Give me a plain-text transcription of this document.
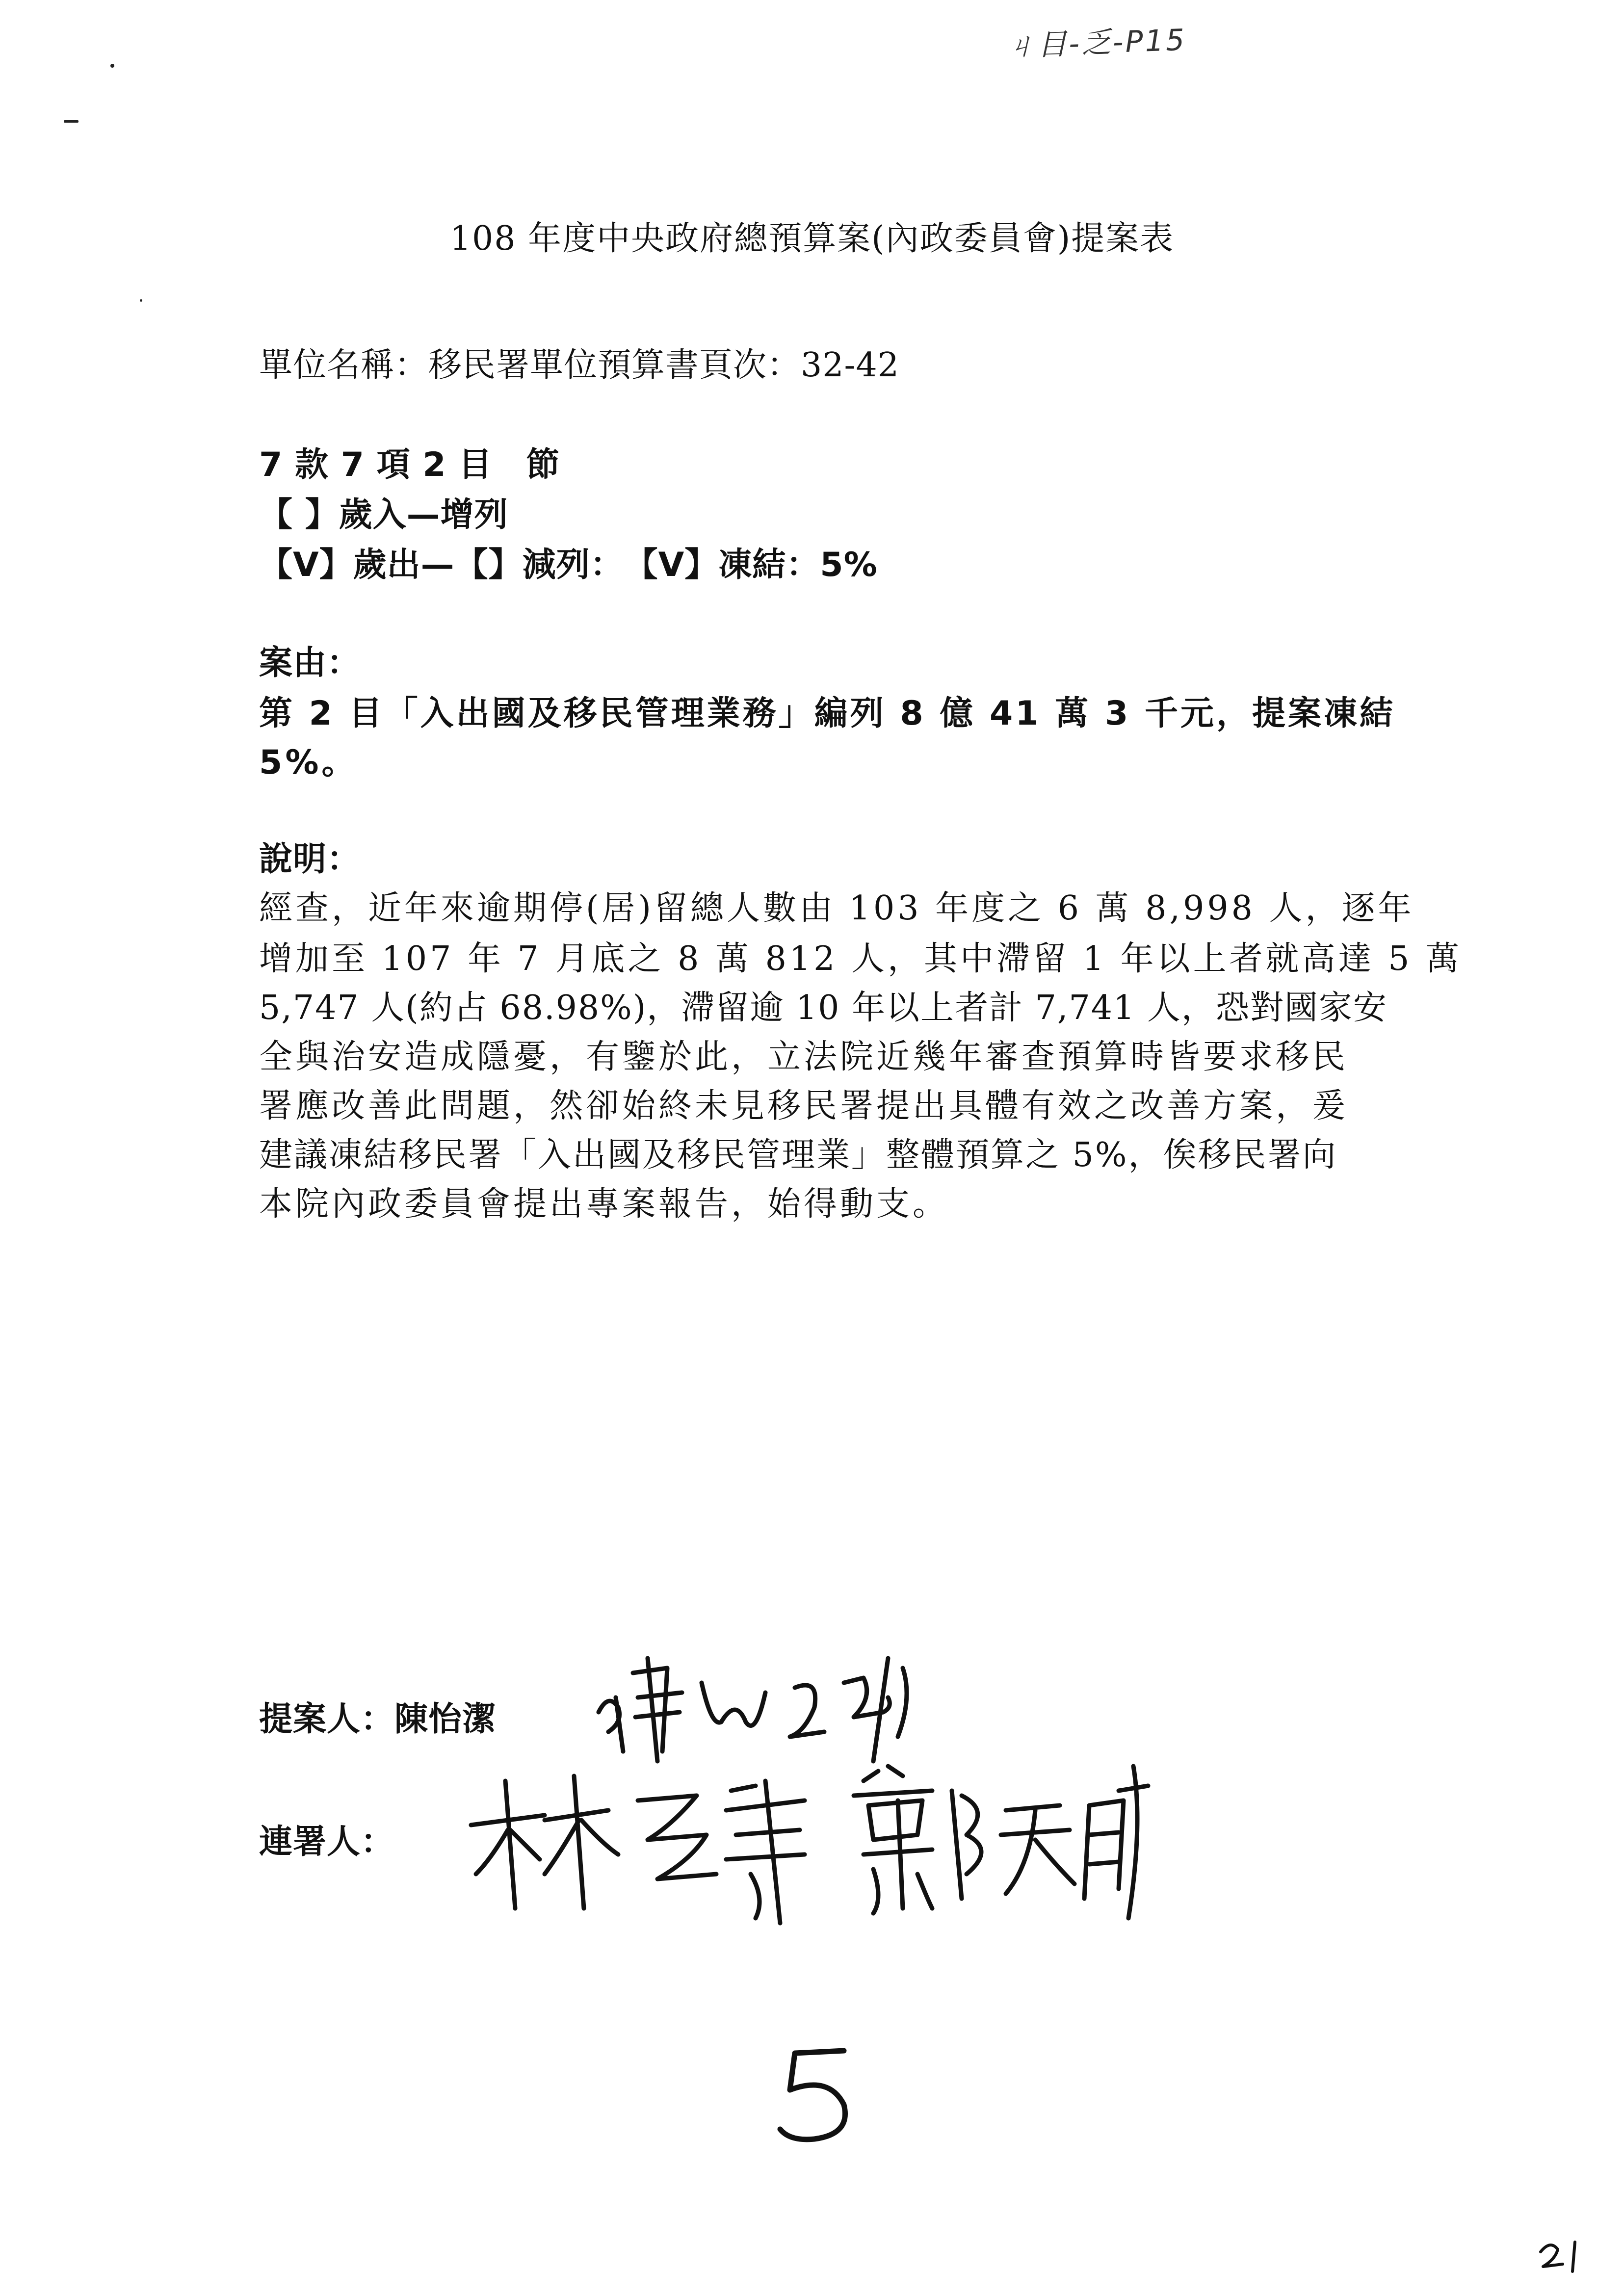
ㄐ目-乏-P15
108 年度中央政府總預算案(內政委員會)提案表
單位名稱：移民署單位預算書頁次：32-42
7 款 7 項 2 目　節
【 】歲入—增列
【V】歲出—【】減列：　【V】凍結：5%
案由：
第 2 目「入出國及移民管理業務」編列 8 億 41 萬 3 千元，提案凍結
5%。
說明：
經查，近年來逾期停(居)留總人數由 103 年度之 6 萬 8,998 人，逐年
增加至 107 年 7 月底之 8 萬 812 人，其中滯留 1 年以上者就高達 5 萬
5,747 人(約占 68.98%)，滯留逾 10 年以上者計 7,741 人，恐對國家安
全與治安造成隱憂，有鑒於此，立法院近幾年審查預算時皆要求移民
署應改善此問題，然卻始終未見移民署提出具體有效之改善方案，爰
建議凍結移民署「入出國及移民管理業」整體預算之 5%，俟移民署向
本院內政委員會提出專案報告，始得動支。
提案人：陳怡潔
連署人：
